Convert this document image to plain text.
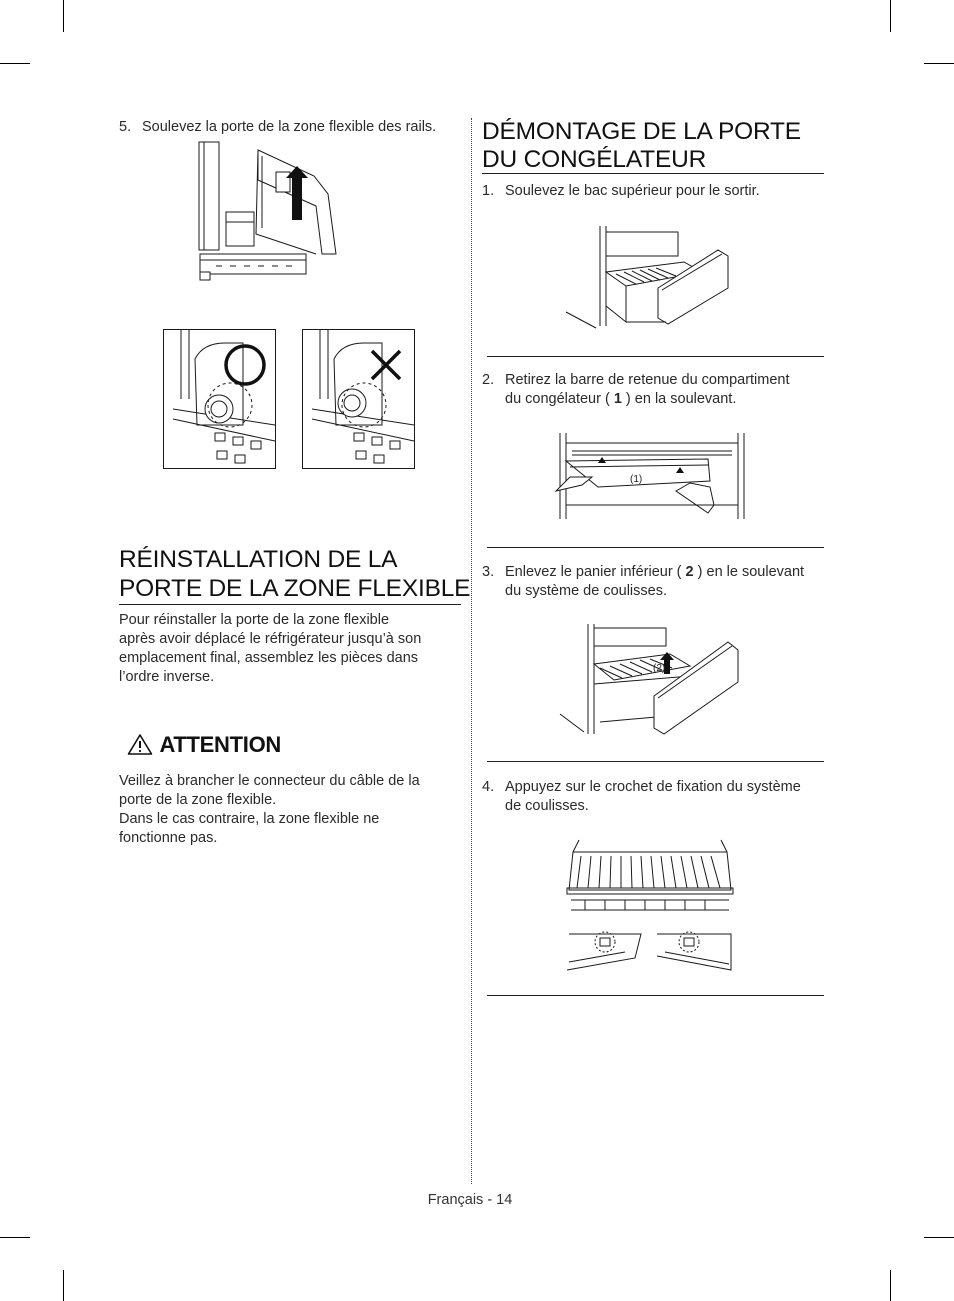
5. Soulevez la porte de la zone flexible des rails.
RÉINSTALLATION DE LA
PORTE DE LA ZONE FLEXIBLE
Pour réinstaller la porte de la zone flexible
après avoir déplacé le réfrigérateur jusqu’à son
emplacement final, assemblez les pièces dans
l’ordre inverse.
ATTENTION
Veillez à brancher le connecteur du câble de la
porte de la zone flexible.
Dans le cas contraire, la zone flexible ne
fonctionne pas.
DÉMONTAGE DE LA PORTE
DU CONGÉLATEUR
1. Soulevez le bac supérieur pour le sortir.
2. Retirez la barre de retenue du compartiment
du congélateur ( 1 ) en la soulevant.
(1)
3. Enlevez le panier inférieur ( 2 ) en le soulevant
du système de coulisses.
(2)
4. Appuyez sur le crochet de fixation du système
de coulisses.
Français - 14
